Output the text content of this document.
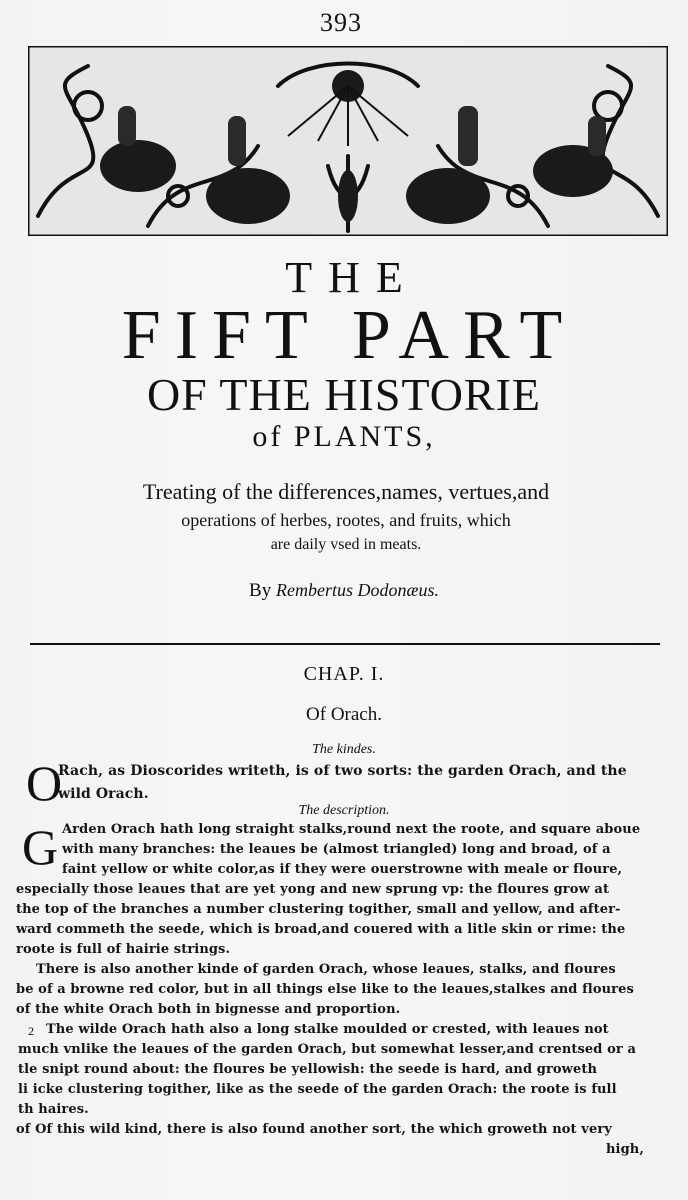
393
THE
FIFT PART
OF THE HISTORIE
of PLANTS,
Treating of the differences,names, vertues,and
operations of herbes, rootes, and fruits, which
are daily vsed in meats.
By Rembertus Dodonæus.
CHAP. I.
Of Orach.
The kindes.
O
Rach, as Dioscorides writeth, is of two sorts: the garden Orach, and the
wild Orach.
The description.
G Arden Orach hath long straight stalks,round next the roote, and square aboue
with many branches: the leaues be (almost triangled) long and broad, of a
faint yellow or white color,as if they were ouerstrowne with meale or floure,
especially those leaues that are yet yong and new sprung vp: the floures grow at
the top of the branches a number clustering togither, small and yellow, and after-
ward commeth the seede, which is broad,and couered with a litle skin or rime: the
roote is full of hairie strings.
There is also another kinde of garden Orach, whose leaues, stalks, and floures
be of a browne red color, but in all things else like to the leaues,stalkes and floures
of the white Orach both in bignesse and proportion.
2 The wilde Orach hath also a long stalke moulded or crested, with leaues not
much vnlike the leaues of the garden Orach, but somewhat lesser,and crentsed or a
tle snipt round about: the floures be yellowish: the seede is hard, and groweth
li icke clustering togither, like as the seede of the garden Orach: the roote is full
th haires.
of Of this wild kind, there is also found another sort, the which groweth not very
high,
